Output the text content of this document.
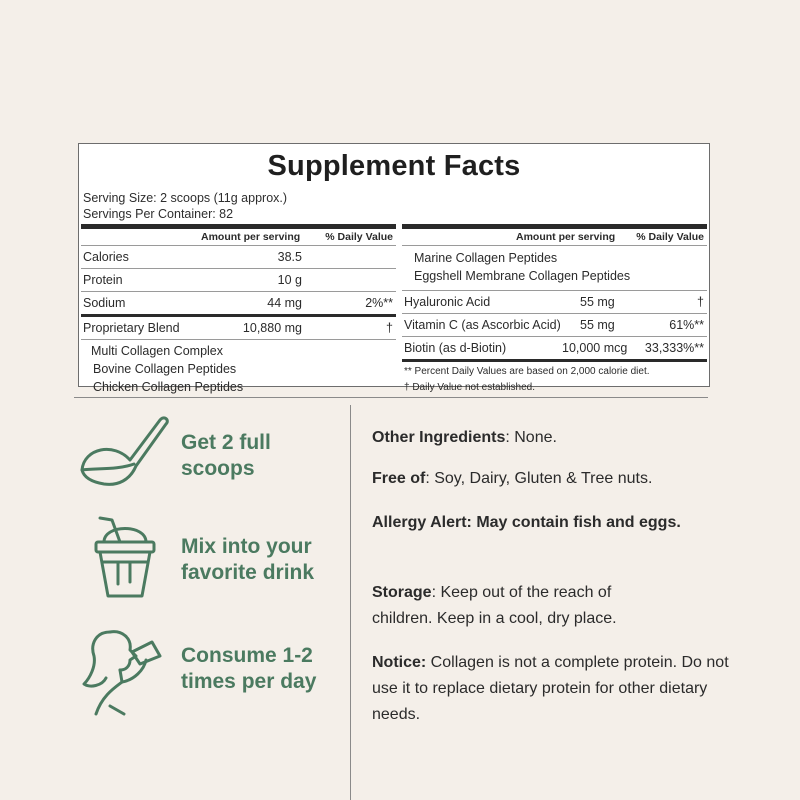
Supplement Facts
Serving Size: 2 scoops (11g approx.)
Servings Per Container: 82
Amount per serving % Daily Value
Calories	38.5
Protein	10 g
Sodium	44 mg	2%**
Proprietary Blend	10,880 mg	†
Multi Collagen Complex
Bovine Collagen Peptides
Chicken Collagen Peptides
Amount per serving % Daily Value
Marine Collagen Peptides
Eggshell Membrane Collagen Peptides
Hyaluronic Acid	55 mg	†
Vitamin C (as Ascorbic Acid) 55 mg	61%**
Biotin (as d-Biotin)	10,000 mcg 33,333%**
** Percent Daily Values are based on 2,000 calorie diet.
† Daily Value not established.
Get 2 full
scoops
Mix into your
favorite drink
Consume 1-2
times per day
Other Ingredients: None.
Free of: Soy, Dairy, Gluten & Tree nuts.
Allergy Alert: May contain fish and eggs.
Storage: Keep out of the reach of children. Keep in a cool, dry place.
Notice: Collagen is not a complete protein. Do not use it to replace dietary protein for other dietary needs.
